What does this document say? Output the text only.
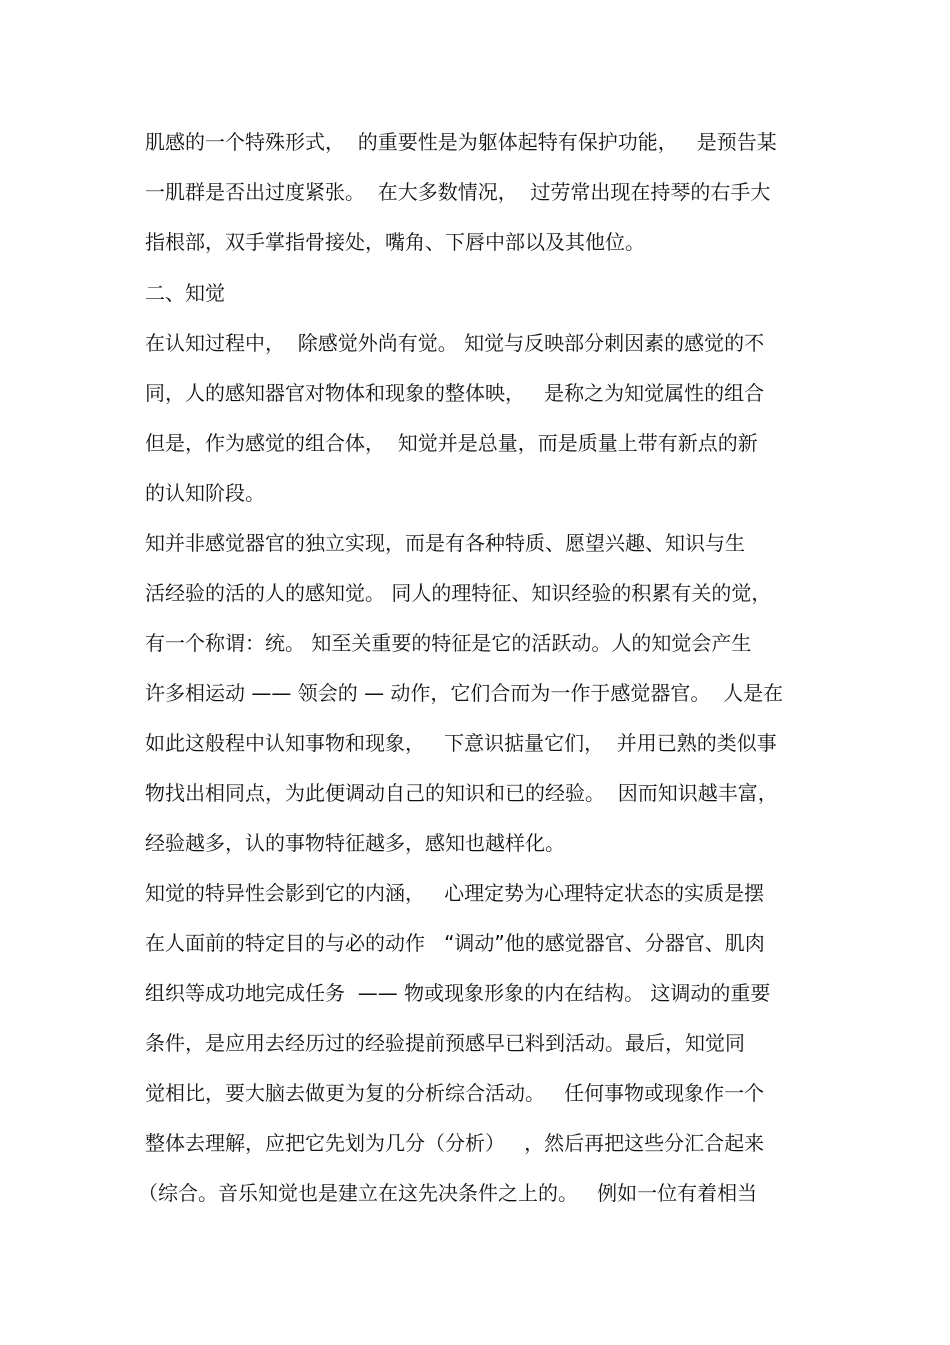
肌感的一个特殊形式，  的重要性是为躯体起特有保护功能，   是预告某
一肌群是否出过度紧张。  在大多数情况，  过劳常出现在持琴的右手大
指根部，双手掌指骨接处，嘴角、下唇中部以及其他位。
二、知觉
在认知过程中，  除感觉外尚有觉。 知觉与反映部分刺因素的感觉的不
同，人的感知器官对物体和现象的整体映，   是称之为知觉属性的组合
但是，作为感觉的组合体，  知觉并是总量，而是质量上带有新点的新
的认知阶段。
知并非感觉器官的独立实现，而是有各种特质、愿望兴趣、知识与生
活经验的活的人的感知觉。 同人的理特征、知识经验的积累有关的觉，
有一个称谓：统。 知至关重要的特征是它的活跃动。人的知觉会产生
许多相运动 —— 领会的 — 动作，它们合而为一作于感觉器官。  人是在
如此这般程中认知事物和现象，   下意识掂量它们，  并用已熟的类似事
物找出相同点，为此便调动自己的知识和已的经验。  因而知识越丰富，
经验越多，认的事物特征越多，感知也越样化。
知觉的特异性会影到它的内涵，   心理定势为心理特定状态的实质是摆
在人面前的特定目的与必的动作   “调动”他的感觉器官、分器官、肌肉
组织等成功地完成任务  —— 物或现象形象的内在结构。 这调动的重要
条件，是应用去经历过的经验提前预感早已料到活动。最后，知觉同
觉相比，要大脑去做更为复的分析综合活动。   任何事物或现象作一个
整体去理解，应把它先划为几分（分析）   ，然后再把这些分汇合起来
（综合。音乐知觉也是建立在这先决条件之上的。   例如一位有着相当
